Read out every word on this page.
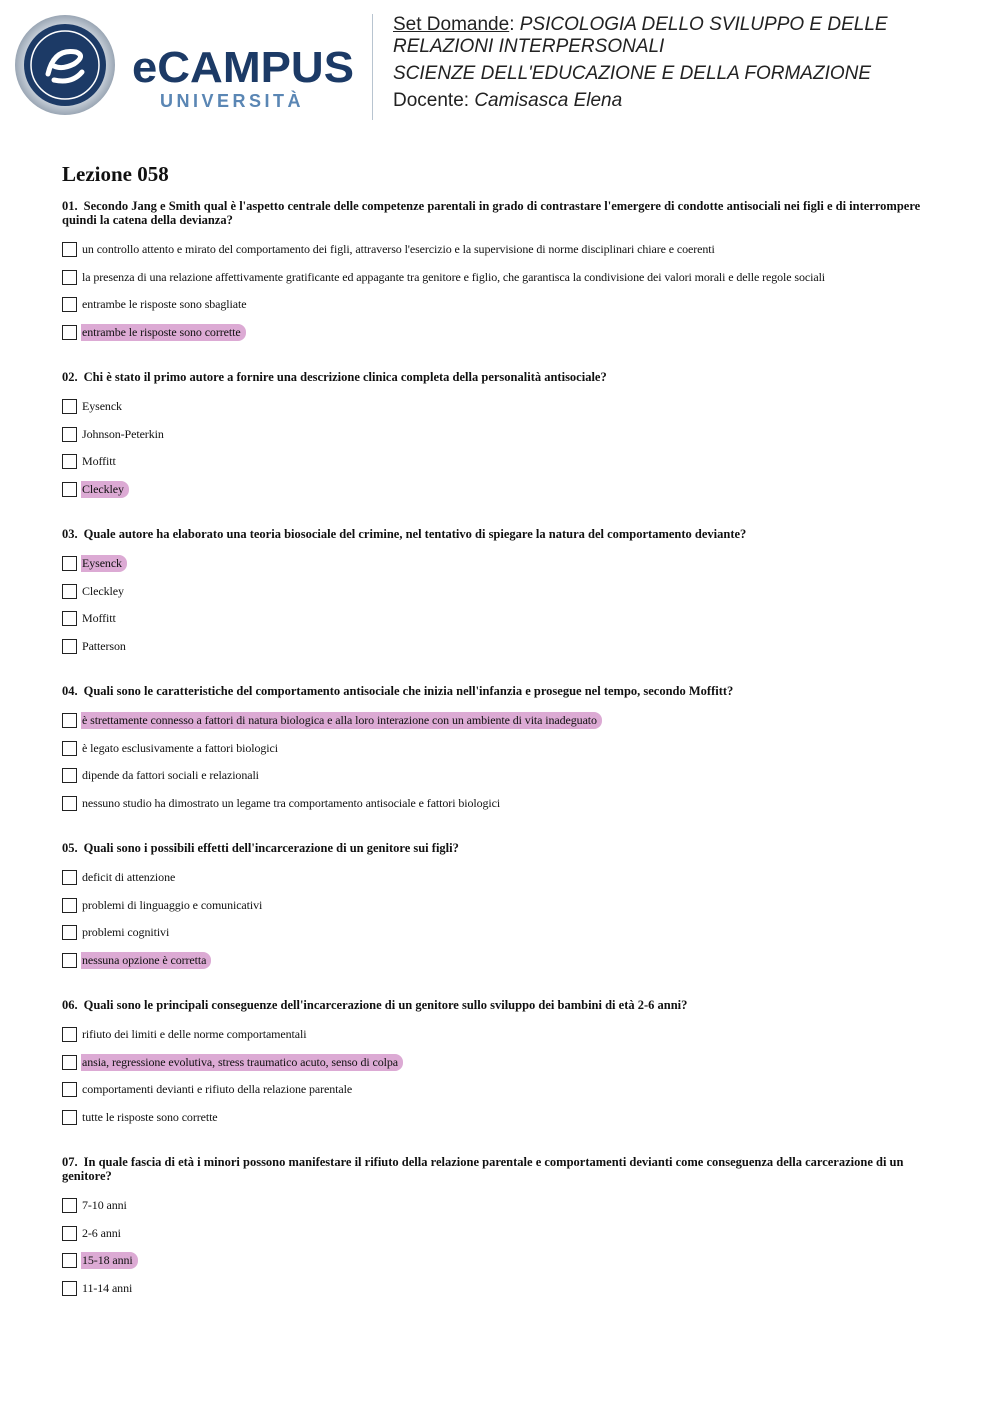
eCAMPUS
UNIVERSITÀ
Set Domande: PSICOLOGIA DELLO SVILUPPO E DELLE RELAZIONI INTERPERSONALI
SCIENZE DELL'EDUCAZIONE E DELLA FORMAZIONE
Docente: Camisasca Elena
Lezione 058
01. Secondo Jang e Smith qual è l'aspetto centrale delle competenze parentali in grado di contrastare l'emergere di condotte antisociali nei figli e di interrompere quindi la catena della devianza?
un controllo attento e mirato del comportamento dei figli, attraverso l'esercizio e la supervisione di norme disciplinari chiare e coerenti
la presenza di una relazione affettivamente gratificante ed appagante tra genitore e figlio, che garantisca la condivisione dei valori morali e delle regole sociali
entrambe le risposte sono sbagliate
entrambe le risposte sono corrette
02. Chi è stato il primo autore a fornire una descrizione clinica completa della personalità antisociale?
Eysenck
Johnson-Peterkin
Moffitt
Cleckley
03. Quale autore ha elaborato una teoria biosociale del crimine, nel tentativo di spiegare la natura del comportamento deviante?
Eysenck
Cleckley
Moffitt
Patterson
04. Quali sono le caratteristiche del comportamento antisociale che inizia nell'infanzia e prosegue nel tempo, secondo Moffitt?
è strettamente connesso a fattori di natura biologica e alla loro interazione con un ambiente di vita inadeguato
è legato esclusivamente a fattori biologici
dipende da fattori sociali e relazionali
nessuno studio ha dimostrato un legame tra comportamento antisociale e fattori biologici
05. Quali sono i possibili effetti dell'incarcerazione di un genitore sui figli?
deficit di attenzione
problemi di linguaggio e comunicativi
problemi cognitivi
nessuna opzione è corretta
06. Quali sono le principali conseguenze dell'incarcerazione di un genitore sullo sviluppo dei bambini di età 2-6 anni?
rifiuto dei limiti e delle norme comportamentali
ansia, regressione evolutiva, stress traumatico acuto, senso di colpa
comportamenti devianti e rifiuto della relazione parentale
tutte le risposte sono corrette
07. In quale fascia di età i minori possono manifestare il rifiuto della relazione parentale e comportamenti devianti come conseguenza della carcerazione di un genitore?
7-10 anni
2-6 anni
15-18 anni
11-14 anni
